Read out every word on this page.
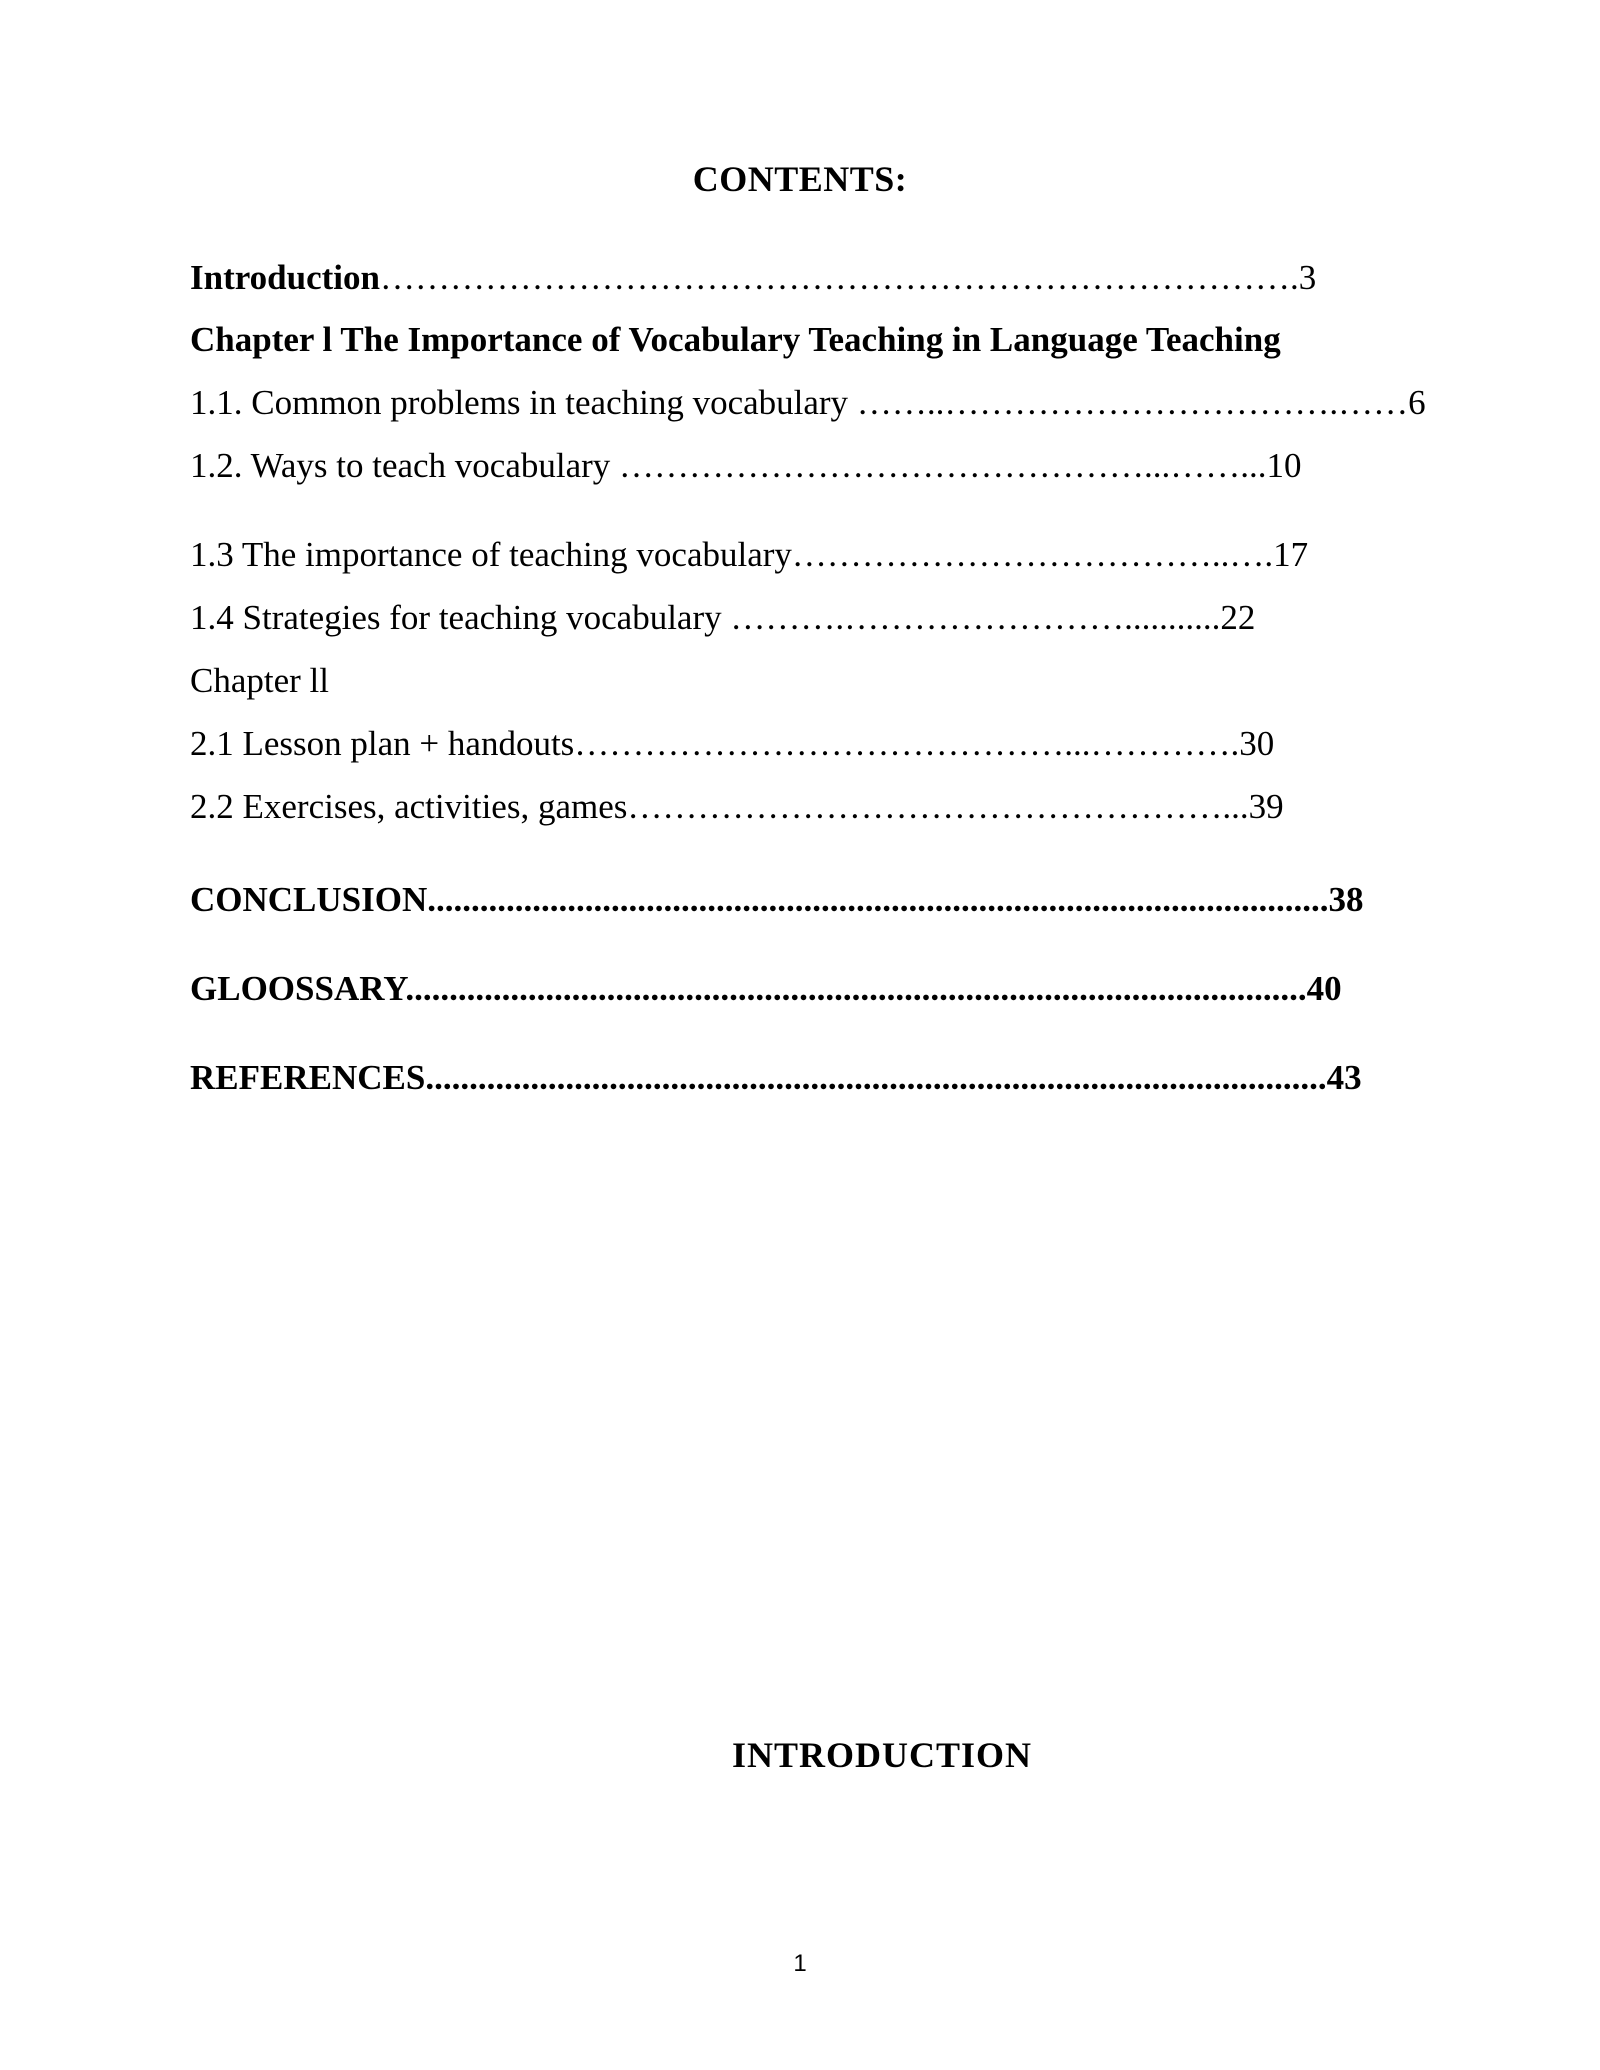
CONTENTS:
Introduction…………………………………………………………………….3
Chapter l The Importance of Vocabulary Teaching in Language Teaching
1.1. Common problems in teaching vocabulary ……..…………………………….……6
1.2. Ways to teach vocabulary ………………………………………...……...10
1.3 The importance of teaching vocabulary………………………………..….17
1.4 Strategies for teaching vocabulary ……….……………………...........22
Chapter ll
2.1 Lesson plan + handouts……………………………………...………….30
2.2 Exercises, activities, games……………………………………………...39
CONCLUSION.......................................................................................................38
GLOOSSARY.......................................................................................................40
REFERENCES.......................................................................................................43
INTRODUCTION
1
